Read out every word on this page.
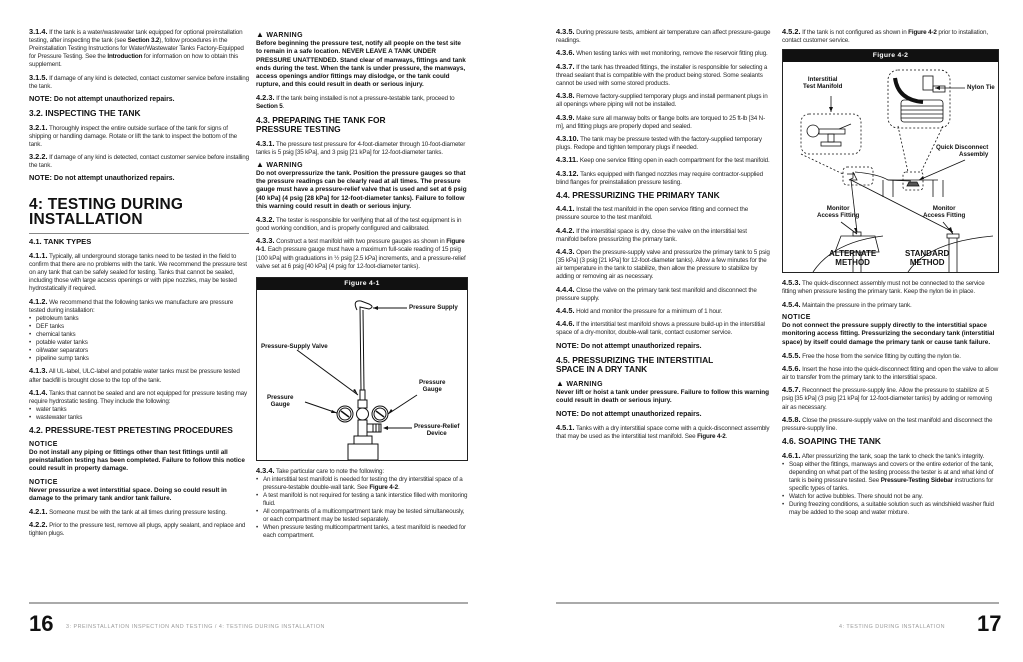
3.1.4. If the tank is a water/wastewater tank equipped for optional preinstallation testing, after inspecting the tank (see Section 3.2), follow procedures in the Preinstallation Testing Instructions for Water/Wastewater Tanks Factory-Equipped for Pressure Testing. See the Introduction for information on how to obtain this supplement.

3.1.5. If damage of any kind is detected, contact customer service before installing the tank.

NOTE: Do not attempt unauthorized repairs.

3.2. INSPECTING THE TANK

3.2.1. Thoroughly inspect the entire outside surface of the tank for signs of shipping or handling damage. Rotate or lift the tank to inspect the bottom of the tank.

3.2.2. If damage of any kind is detected, contact customer service before installing the tank.

NOTE: Do not attempt unauthorized repairs.

4: TESTING DURING
INSTALLATION
4.1. TANK TYPES

4.1.1. Typically, all underground storage tanks need to be tested in the field to confirm that there are no problems with the tank. We recommend the pressure test on any tank that can be safely sealed for testing. Tanks that cannot be sealed, including those with large access openings or with pipe nozzles, may be tested hydrostatically if required.

4.1.2. We recommend that the following tanks we manufacture are pressure tested during installation:
• petroleum tanks
• DEF tanks
• chemical tanks
• potable water tanks
• oil/water separators
• pipeline sump tanks

4.1.3. All UL-label, ULC-label and potable water tanks must be pressure tested after backfill is brought close to the top of the tank.

4.1.4. Tanks that cannot be sealed and are not equipped for pressure testing may require hydrostatic testing. They include the following:
• water tanks
• wastewater tanks
4.2. PRESSURE-TEST PRETESTING PROCEDURES
NOTICE
Do not install any piping or fittings other than test fittings until all preinstallation testing has been completed. Failure to follow this notice could result in property damage.
NOTICE
Never pressurize a wet interstitial space. Doing so could result in damage to the primary tank and/or tank failure.

4.2.1. Someone must be with the tank at all times during pressure testing.

4.2.2. Prior to the pressure test, remove all plugs, apply sealant, and replace and tighten plugs.

▲ WARNING
Before beginning the pressure test, notify all people on the test site to remain in a safe location. NEVER LEAVE A TANK UNDER PRESSURE UNATTENDED. Stand clear of manways, fittings and tank ends during the test. When the tank is under pressure, the manways, access openings and/or fittings may dislodge, or the tank could rupture, and this could result in death or serious injury.

4.2.3. If the tank being installed is not a pressure-testable tank, proceed to Section 5.

4.3. PREPARING THE TANK FOR PRESSURE TESTING

4.3.1. The pressure test pressure for 4-foot-diameter through 10-foot-diameter tanks is 5 psig [35 kPa], and 3 psig [21 kPa] for 12-foot-diameter tanks.

▲ WARNING
Do not overpressurize the tank. Position the pressure gauges so that the pressure readings can be clearly read at all times. The pressure gauge must have a pressure-relief valve that is used and set at 6 psig [40 kPa] (4 psig [28 kPa] for 12-foot-diameter tanks). Failure to follow this warning could result in death or serious injury.

4.3.2. The tester is responsible for verifying that all of the test equipment is in good working condition, and is properly configured and calibrated.

4.3.3. Construct a test manifold with two pressure gauges as shown in Figure 4-1. Each pressure gauge must have a maximum full-scale reading of 15 psig [100 kPa] with graduations in ½ psig [2.5 kPa] increments, and a pressure-relief valve set at 6 psig [40 kPa] (4 psig for 12-foot-diameter tanks).

Figure 4-1
Pressure Supply
Pressure-Supply Valve
Pressure
Gauge
Pressure
Gauge
Pressure-Relief
Device
4.3.4. Take particular care to note the following:
• An interstitial test manifold is needed for testing the dry interstitial space of a pressure-testable double-wall tank. See Figure 4-2.
• A test manifold is not required for testing a tank interstice filled with monitoring fluid.
• All compartments of a multicompartment tank may be tested simultaneously, or each compartment may be tested separately.
• When pressure testing multicompartment tanks, a test manifold is needed for each compartment.
16 3: PREINSTALLATION INSPECTION AND TESTING / 4: TESTING DURING INSTALLATION

4.3.5. During pressure tests, ambient air temperature can affect pressure-gauge readings.

4.3.6. When testing tanks with wet monitoring, remove the reservoir fitting plug.

4.3.7. If the tank has threaded fittings, the installer is responsible for selecting a thread sealant that is compatible with the product being stored. Some sealants cannot be used with some stored products.

4.3.8. Remove factory-supplied temporary plugs and install permanent plugs in all openings where piping will not be installed.

4.3.9. Make sure all manway bolts or flange bolts are torqued to 25 ft-lb [34 N-m], and fitting plugs are properly doped and sealed.

4.3.10. The tank may be pressure tested with the factory-supplied temporary plugs. Redope and tighten temporary plugs if needed.

4.3.11. Keep one service fitting open in each compartment for the test manifold.

4.3.12. Tanks equipped with flanged nozzles may require contractor-supplied blind flanges for preinstallation pressure testing.

4.4. PRESSURIZING THE PRIMARY TANK

4.4.1. Install the test manifold in the open service fitting and connect the pressure source to the test manifold.

4.4.2. If the interstitial space is dry, close the valve on the interstitial test manifold before pressurizing the primary tank.

4.4.3. Open the pressure-supply valve and pressurize the primary tank to 5 psig [35 kPa] (3 psig [21 kPa] for 12-foot-diameter tanks). Allow a few minutes for the air temperature in the tank to stabilize, then allow the pressure to stabilize by adding or removing air as necessary.

4.4.4. Close the valve on the primary tank test manifold and disconnect the pressure supply.

4.4.5. Hold and monitor the pressure for a minimum of 1 hour.

4.4.6. If the interstitial test manifold shows a pressure build-up in the interstitial space of a dry-monitor, double-wall tank, contact customer service.

NOTE: Do not attempt unauthorized repairs.

4.5. PRESSURIZING THE INTERSTITIAL SPACE IN A DRY TANK
▲ WARNING
Never lift or hoist a tank under pressure. Failure to follow this warning could result in death or serious injury.

NOTE: Do not attempt unauthorized repairs.

4.5.1. Tanks with a dry interstitial space come with a quick-disconnect assembly that may be used as the interstitial test manifold. See Figure 4-2.

4.5.2. If the tank is not configured as shown in Figure 4-2 prior to installation, contact customer service.

Figure 4-2
Interstitial
Test Manifold	Nylon Tie
Quick Disconnect
Assembly
Monitor
Access Fitting
Monitor
Access Fitting
ALTERNATE
METHOD
STANDARD
METHOD

4.5.3. The quick-disconnect assembly must not be connected to the service fitting when pressure testing the primary tank. Keep the nylon tie in place.

4.5.4. Maintain the pressure in the primary tank.

NOTICE
Do not connect the pressure supply directly to the interstitial space monitoring access fitting. Pressurizing the secondary tank (interstitial space) by itself could damage the primary tank or cause tank failure.

4.5.5. Free the hose from the service fitting by cutting the nylon tie.

4.5.6. Insert the hose into the quick-disconnect fitting and open the valve to allow air to transfer from the primary tank to the interstitial space.

4.5.7. Reconnect the pressure-supply line. Allow the pressure to stabilize at 5 psig [35 kPa] (3 psig [21 kPa] for 12-foot-diameter tanks) by adding or removing air as necessary.

4.5.8. Close the pressure-supply valve on the test manifold and disconnect the pressure-supply line.

4.6. SOAPING THE TANK
4.6.1. After pressurizing the tank, soap the tank to check the tank's integrity.
• Soap either the fittings, manways and covers or the entire exterior of the tank, depending on what part of the testing process the tester is at and what kind of tank is being pressure tested. See Pressure-Testing Sidebar instructions for specific types of tanks.
• Watch for active bubbles. There should not be any.
• During freezing conditions, a suitable solution such as windshield washer fluid may be added to the soap and water mixture.
4: TESTING DURING INSTALLATION 17
